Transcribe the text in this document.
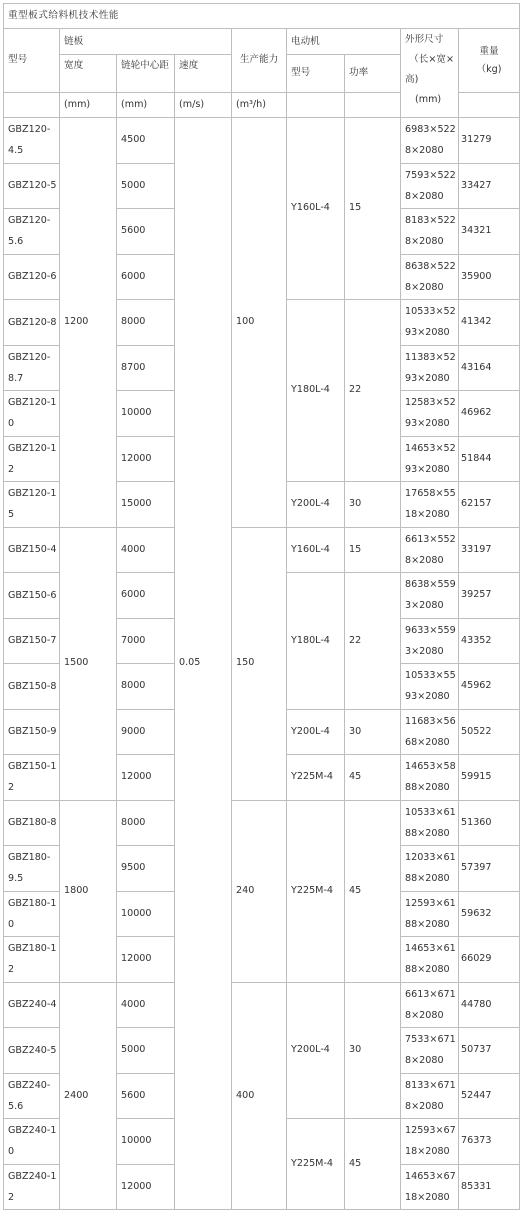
重型板式给料机技术性能								
型号	链板			生产能力	电动机		外形尺寸
（长×宽×
高)
(mm)	重量
（kg)

	宽度	链轮中心距	速度		型号	功率		
	(mm)	(mm)	(m/s)	(m³/h)				
GBZ120-4.5	1200	4500	0.05	100	Y160L-4	15	6983×5228×2080	31279
GBZ120-5		5000					7593×5228×2080	33427
GBZ120-5.6		5600					8183×5228×2080	34321
GBZ120-6		6000					8638×5228×2080	35900
GBZ120-8		8000			Y180L-4	22	10533×5293×2080	41342
GBZ120-8.7		8700					11383×5293×2080	43164
GBZ120-10		10000					12583×5293×2080	46962
GBZ120-12		12000					14653×5293×2080	51844
GBZ120-15		15000			Y200L-4	30	17658×5518×2080	62157
GBZ150-4	1500	4000		150	Y160L-4	15	6613×5528×2080	33197
GBZ150-6		6000			Y180L-4	22	8638×5593×2080	39257
GBZ150-7		7000					9633×5593×2080	43352
GBZ150-8		8000					10533×5593×2080	45962
GBZ150-9		9000			Y200L-4	30	11683×5668×2080	50522
GBZ150-12		12000			Y225M-4	45	14653×5888×2080	59915
GBZ180-8	1800	8000		240	Y225M-4	45	10533×6188×2080	51360
GBZ180-9.5		9500					12033×6188×2080	57397
GBZ180-10		10000					12593×6188×2080	59632
GBZ180-12		12000					14653×6188×2080	66029
GBZ240-4	2400	4000		400	Y200L-4	30	6613×6718×2080	44780
GBZ240-5		5000					7533×6718×2080	50737
GBZ240-5.6		5600					8133×6718×2080	52447
GBZ240-10		10000			Y225M-4	45	12593×6718×2080	76373
GBZ240-12		12000					14653×6718×2080	85331
